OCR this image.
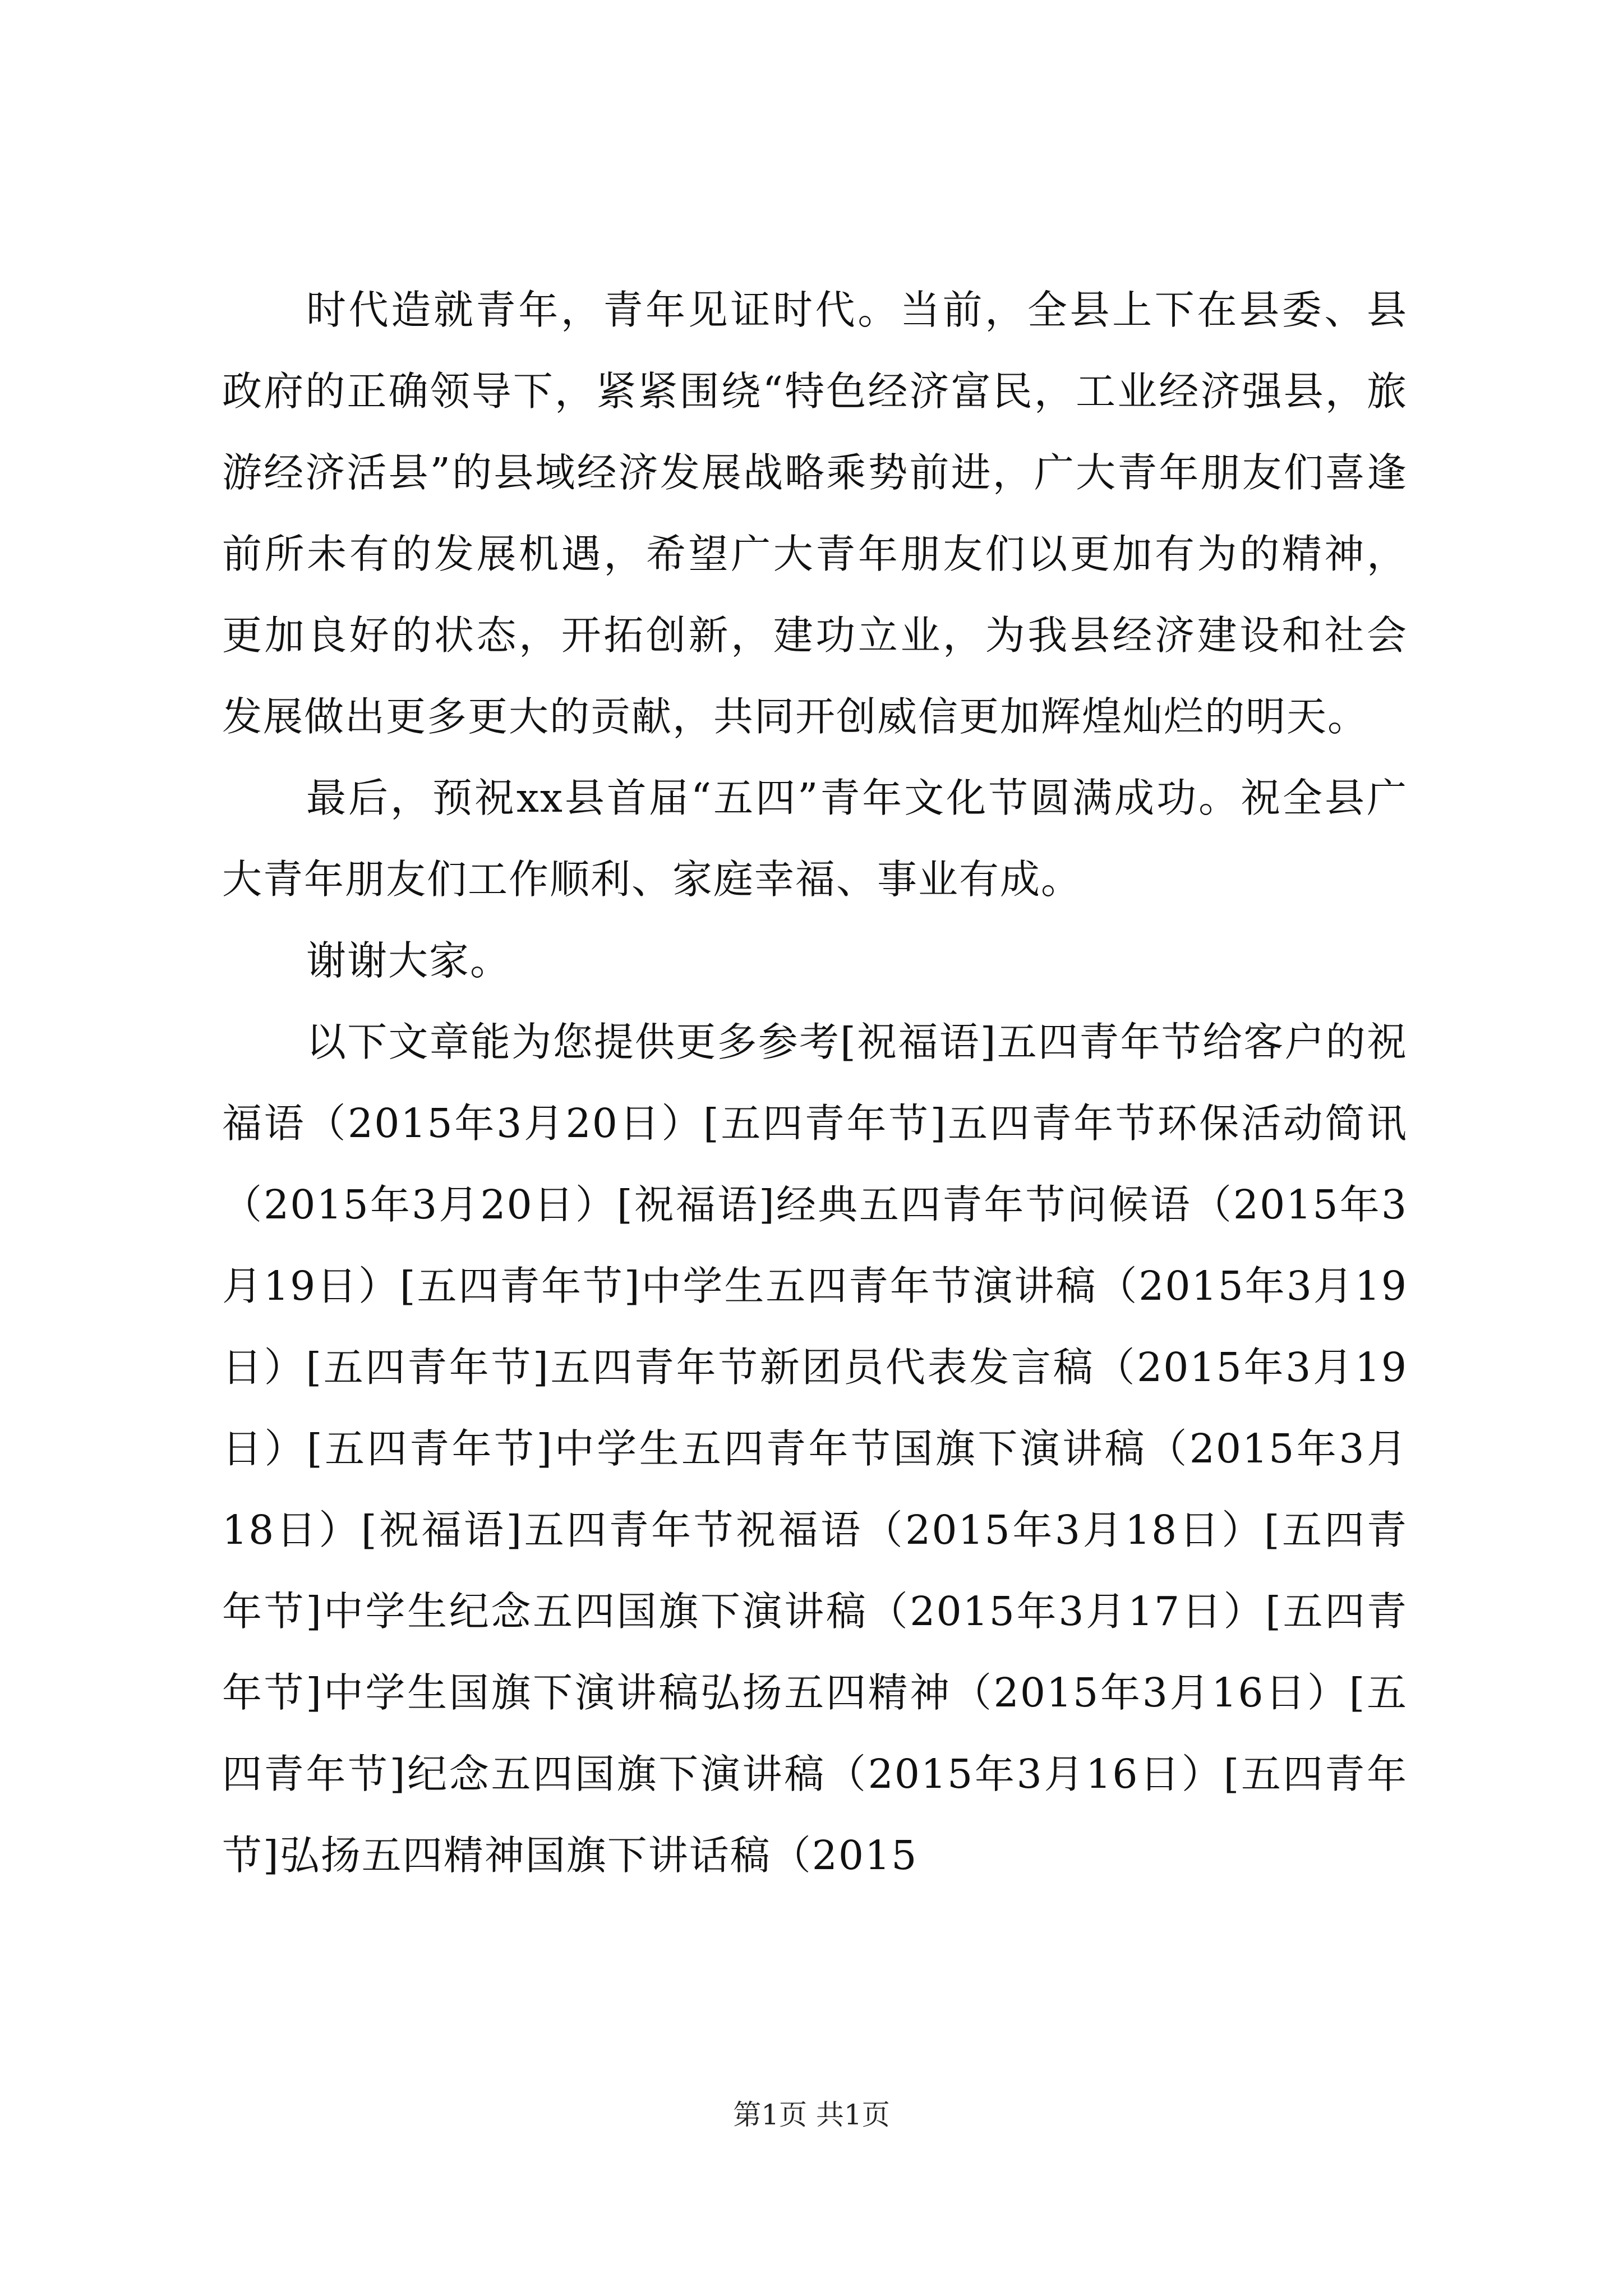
时代造就青年，青年见证时代。当前，全县上下在县委、县政府的正确领导下，紧紧围绕“特色经济富民，工业经济强县，旅游经济活县”的县域经济发展战略乘势前进，广大青年朋友们喜逢前所未有的发展机遇，希望广大青年朋友们以更加有为的精神，更加良好的状态，开拓创新，建功立业，为我县经济建设和社会发展做出更多更大的贡献，共同开创威信更加辉煌灿烂的明天。

最后，预祝xx县首届“五四”青年文化节圆满成功。祝全县广大青年朋友们工作顺利、家庭幸福、事业有成。

谢谢大家。

以下文章能为您提供更多参考[祝福语]五四青年节给客户的祝福语（2015年3月20日）[五四青年节]五四青年节环保活动简讯（2015年3月20日）[祝福语]经典五四青年节问候语（2015年3月19日）[五四青年节]中学生五四青年节演讲稿（2015年3月19日）[五四青年节]五四青年节新团员代表发言稿（2015年3月19日）[五四青年节]中学生五四青年节国旗下演讲稿（2015年3月18日）[祝福语]五四青年节祝福语（2015年3月18日）[五四青年节]中学生纪念五四国旗下演讲稿（2015年3月17日）[五四青年节]中学生国旗下演讲稿弘扬五四精神（2015年3月16日）[五四青年节]纪念五四国旗下演讲稿（2015年3月16日）[五四青年节]弘扬五四精神国旗下讲话稿（2015

第1页 共1页
